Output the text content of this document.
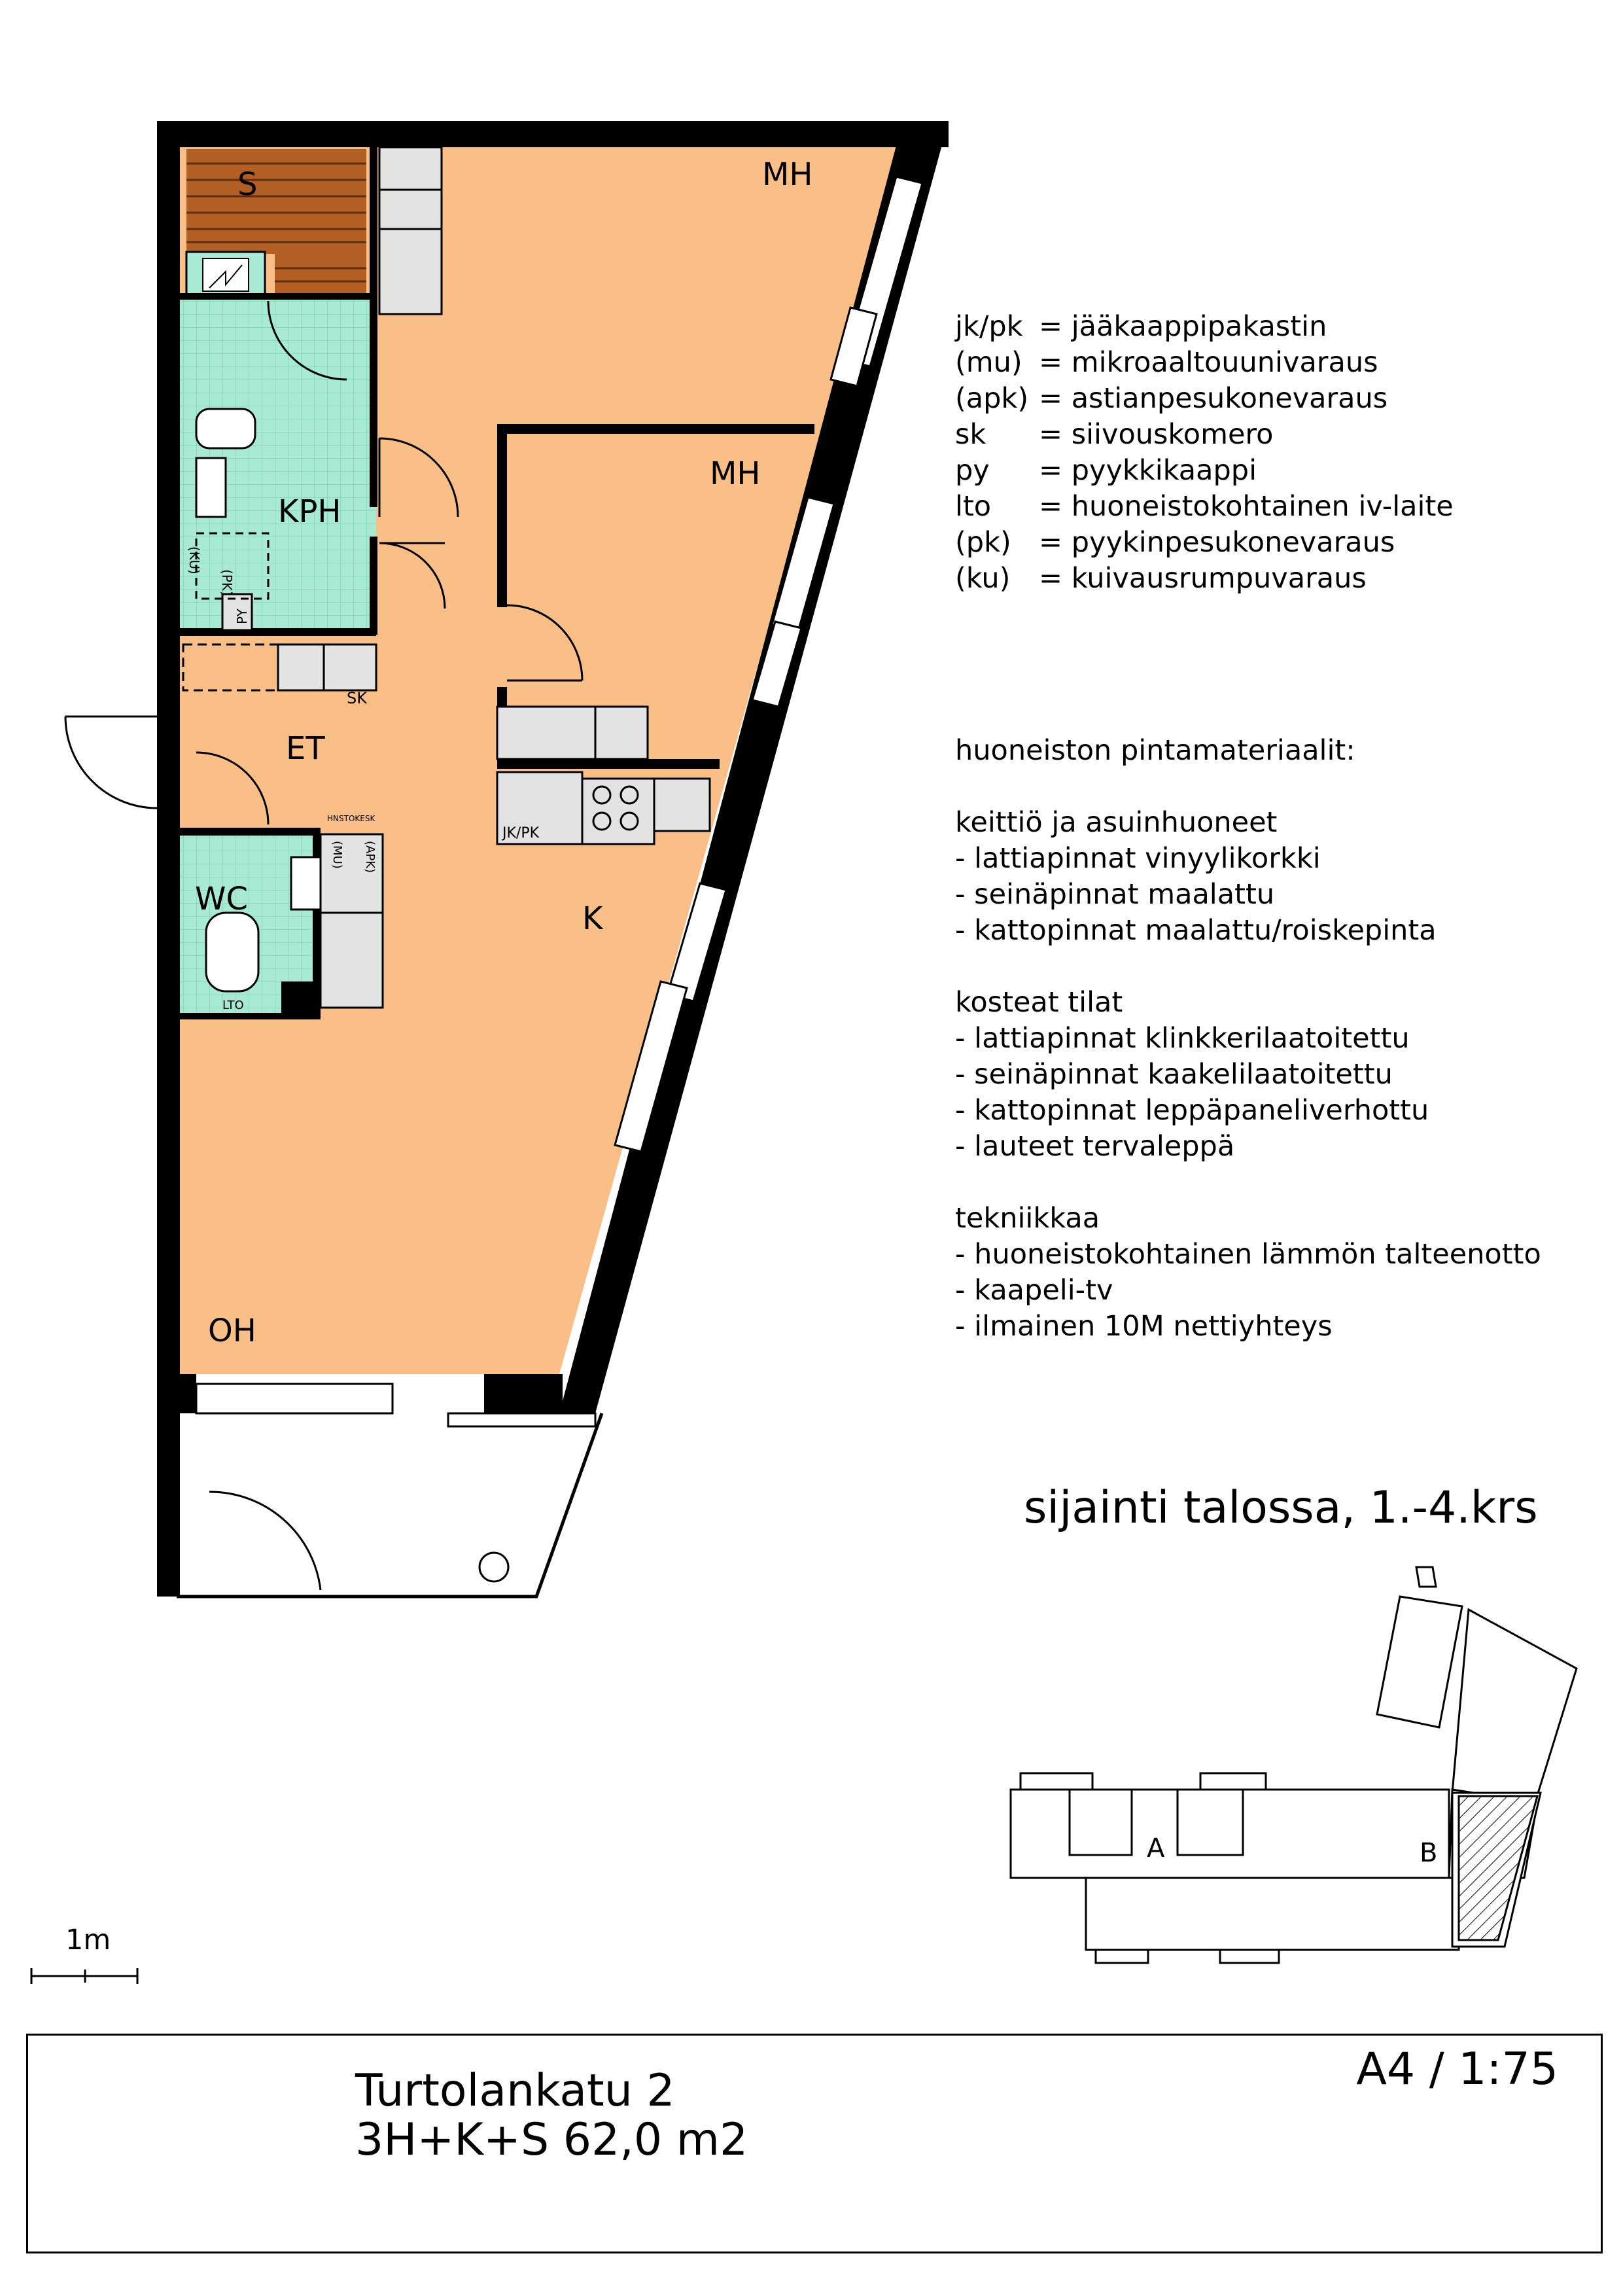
S	MH
MH
KPH
ET
WC
K
OH
PY
(KU)
(PK)
SK
JK/PK
HNSTOKESK
(MU) (APK)
LTO
A	B
jk/pk = jääkaappipakastin
(mu) = mikroaaltouunivaraus
(apk) = astianpesukonevaraus
sk	= siivouskomero
py	= pyykkikaappi
lto	= huoneistokohtainen iv-laite
(pk) = pyykinpesukonevaraus
(ku)	= kuivausrumpuvaraus
huoneiston pintamateriaalit:
keittiö ja asuinhuoneet
- lattiapinnat vinyylikorkki
- seinäpinnat maalattu
- kattopinnat maalattu/roiskepinta
kosteat tilat
- lattiapinnat klinkkerilaatoitettu
- seinäpinnat kaakelilaatoitettu
- kattopinnat leppäpaneliverhottu
- lauteet tervaleppä
tekniikkaa
- huoneistokohtainen lämmön talteenotto
- kaapeli-tv
- ilmainen 10M nettiyhteys
sijainti talossa, 1.-4.krs
1m
Turtolankatu 2
3H+K+S 62,0 m2
A4 / 1:75
